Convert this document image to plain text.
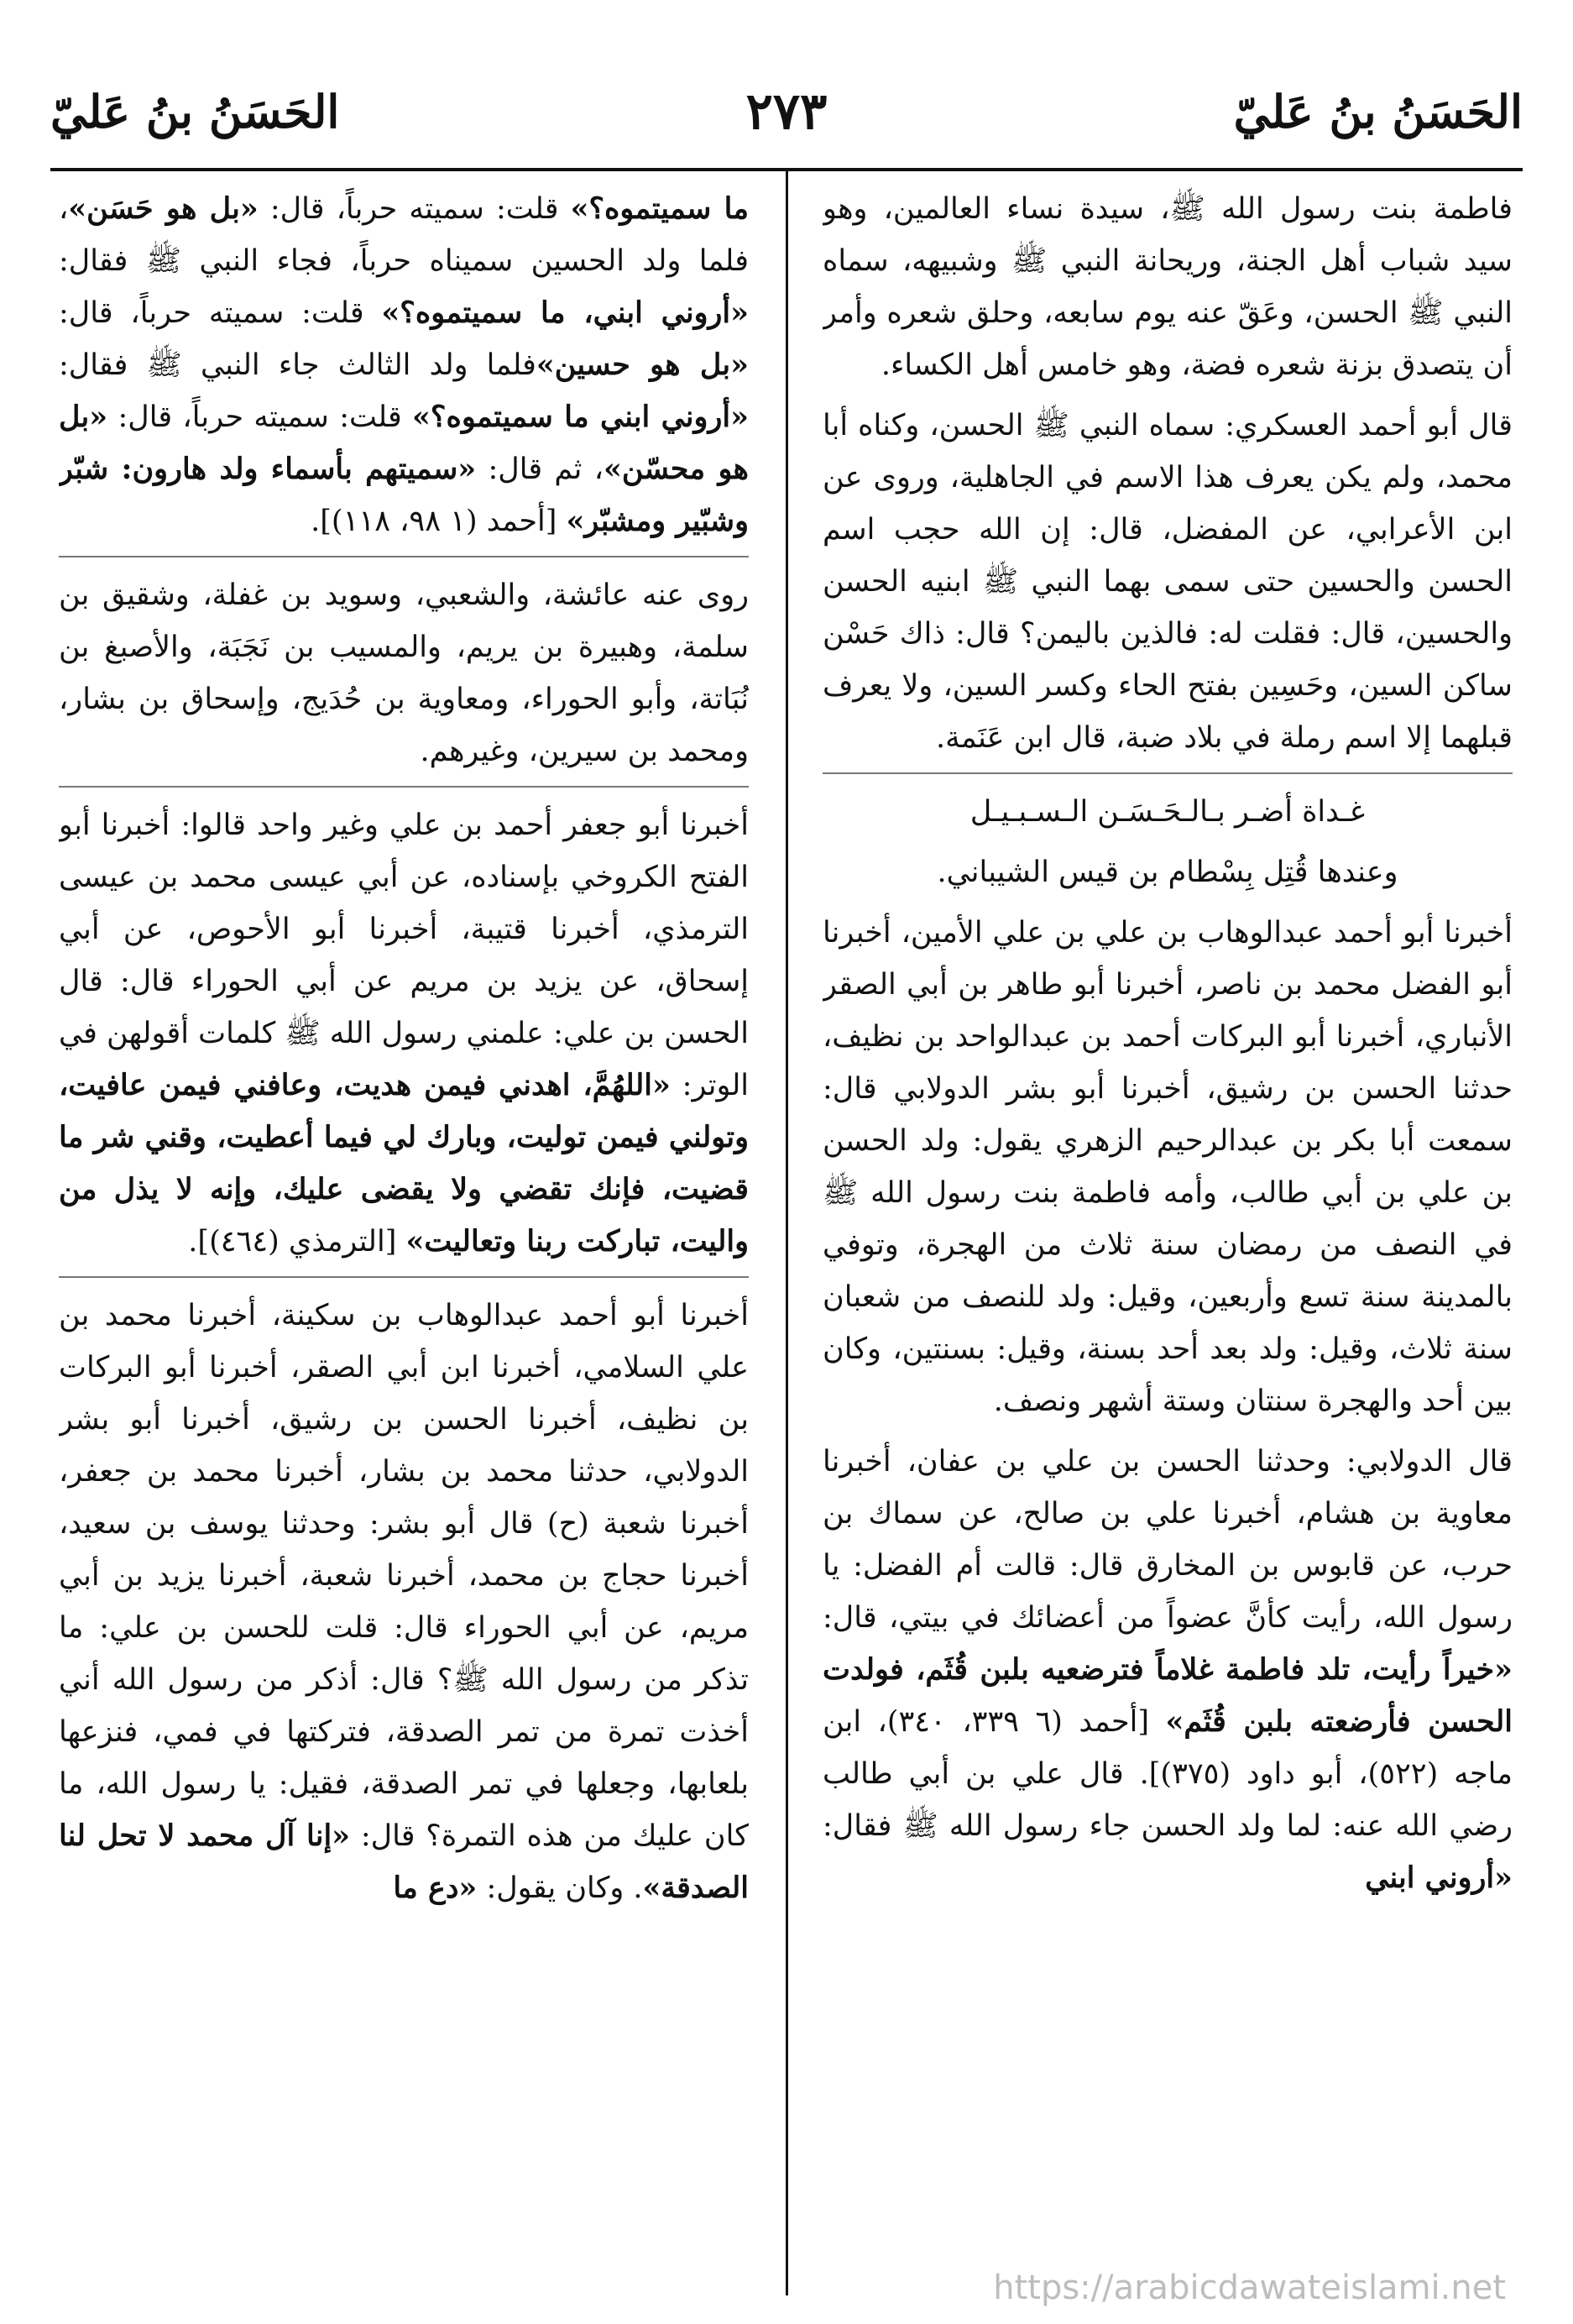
الحَسَنُ بنُ عَليّ
٢٧٣
الحَسَنُ بنُ عَليّ

فاطمة بنت رسول الله ﷺ، سيدة نساء العالمين، وهو سيد شباب أهل الجنة، وريحانة النبي ﷺ وشبيهه، سماه النبي ﷺ الحسن، وعَقّ عنه يوم سابعه، وحلق شعره وأمر أن يتصدق بزنة شعره فضة، وهو خامس أهل الكساء.

قال أبو أحمد العسكري: سماه النبي ﷺ الحسن، وكناه أبا محمد، ولم يكن يعرف هذا الاسم في الجاهلية، وروى عن ابن الأعرابي، عن المفضل، قال: إن الله حجب اسم الحسن والحسين حتى سمى بهما النبي ﷺ ابنيه الحسن والحسين، قال: فقلت له: فالذين باليمن؟ قال: ذاك حَسْن ساكن السين، وحَسِين بفتح الحاء وكسر السين، ولا يعرف قبلهما إلا اسم رملة في بلاد ضبة، قال ابن عَنَمة.

غـداة أضـر بـالـحَـسَـن الـسـبـيـل

وعندها قُتِل بِسْطام بن قيس الشيباني.

أخبرنا أبو أحمد عبدالوهاب بن علي بن علي الأمين، أخبرنا أبو الفضل محمد بن ناصر، أخبرنا أبو طاهر بن أبي الصقر الأنباري، أخبرنا أبو البركات أحمد بن عبدالواحد بن نظيف، حدثنا الحسن بن رشيق، أخبرنا أبو بشر الدولابي قال: سمعت أبا بكر بن عبدالرحيم الزهري يقول: ولد الحسن بن علي بن أبي طالب، وأمه فاطمة بنت رسول الله ﷺ في النصف من رمضان سنة ثلاث من الهجرة، وتوفي بالمدينة سنة تسع وأربعين، وقيل: ولد للنصف من شعبان سنة ثلاث، وقيل: ولد بعد أحد بسنة، وقيل: بسنتين، وكان بين أحد والهجرة سنتان وستة أشهر ونصف.

قال الدولابي: وحدثنا الحسن بن علي بن عفان، أخبرنا معاوية بن هشام، أخبرنا علي بن صالح، عن سماك بن حرب، عن قابوس بن المخارق قال: قالت أم الفضل: يا رسول الله، رأيت كأنَّ عضواً من أعضائك في بيتي، قال: «خيراً رأيت، تلد فاطمة غلاماً فترضعيه بلبن قُثَم، فولدت الحسن فأرضعته بلبن قُثَم» [أحمد (٦ ٣٣٩، ٣٤٠)، ابن ماجه (٥٢٢)، أبو داود (٣٧٥)]. قال علي بن أبي طالب رضي الله عنه: لما ولد الحسن جاء رسول الله ﷺ فقال: «أروني ابني

ما سميتموه؟» قلت: سميته حرباً، قال: «بل هو حَسَن»، فلما ولد الحسين سميناه حرباً، فجاء النبي ﷺ فقال: «أروني ابني، ما سميتموه؟» قلت: سميته حرباً، قال: «بل هو حسين»فلما ولد الثالث جاء النبي ﷺ فقال: «أروني ابني ما سميتموه؟» قلت: سميته حرباً، قال: «بل هو محسّن»، ثم قال: «سميتهم بأسماء ولد هارون: شبّر وشبّير ومشبّر» [أحمد (١ ٩٨، ١١٨)].

روى عنه عائشة، والشعبي، وسويد بن غفلة، وشقيق بن سلمة، وهبيرة بن يريم، والمسيب بن نَجَبَة، والأصبغ بن نُبَاتة، وأبو الحوراء، ومعاوية بن حُدَيج، وإسحاق بن بشار، ومحمد بن سيرين، وغيرهم.

أخبرنا أبو جعفر أحمد بن علي وغير واحد قالوا: أخبرنا أبو الفتح الكروخي بإسناده، عن أبي عيسى محمد بن عيسى الترمذي، أخبرنا قتيبة، أخبرنا أبو الأحوص، عن أبي إسحاق، عن يزيد بن مريم عن أبي الحوراء قال: قال الحسن بن علي: علمني رسول الله ﷺ كلمات أقولهن في الوتر: «اللهُمَّ، اهدني فيمن هديت، وعافني فيمن عافيت، وتولني فيمن توليت، وبارك لي فيما أعطيت، وقني شر ما قضيت، فإنك تقضي ولا يقضى عليك، وإنه لا يذل من واليت، تباركت ربنا وتعاليت» [الترمذي (٤٦٤)].

أخبرنا أبو أحمد عبدالوهاب بن سكينة، أخبرنا محمد بن علي السلامي، أخبرنا ابن أبي الصقر، أخبرنا أبو البركات بن نظيف، أخبرنا الحسن بن رشيق، أخبرنا أبو بشر الدولابي، حدثنا محمد بن بشار، أخبرنا محمد بن جعفر، أخبرنا شعبة (ح) قال أبو بشر: وحدثنا يوسف بن سعيد، أخبرنا حجاج بن محمد، أخبرنا شعبة، أخبرنا يزيد بن أبي مريم، عن أبي الحوراء قال: قلت للحسن بن علي: ما تذكر من رسول الله ﷺ؟ قال: أذكر من رسول الله أني أخذت تمرة من تمر الصدقة، فتركتها في فمي، فنزعها بلعابها، وجعلها في تمر الصدقة، فقيل: يا رسول الله، ما كان عليك من هذه التمرة؟ قال: «إنا آل محمد لا تحل لنا الصدقة». وكان يقول: «دع ما

https://arabicdawateislami.net
